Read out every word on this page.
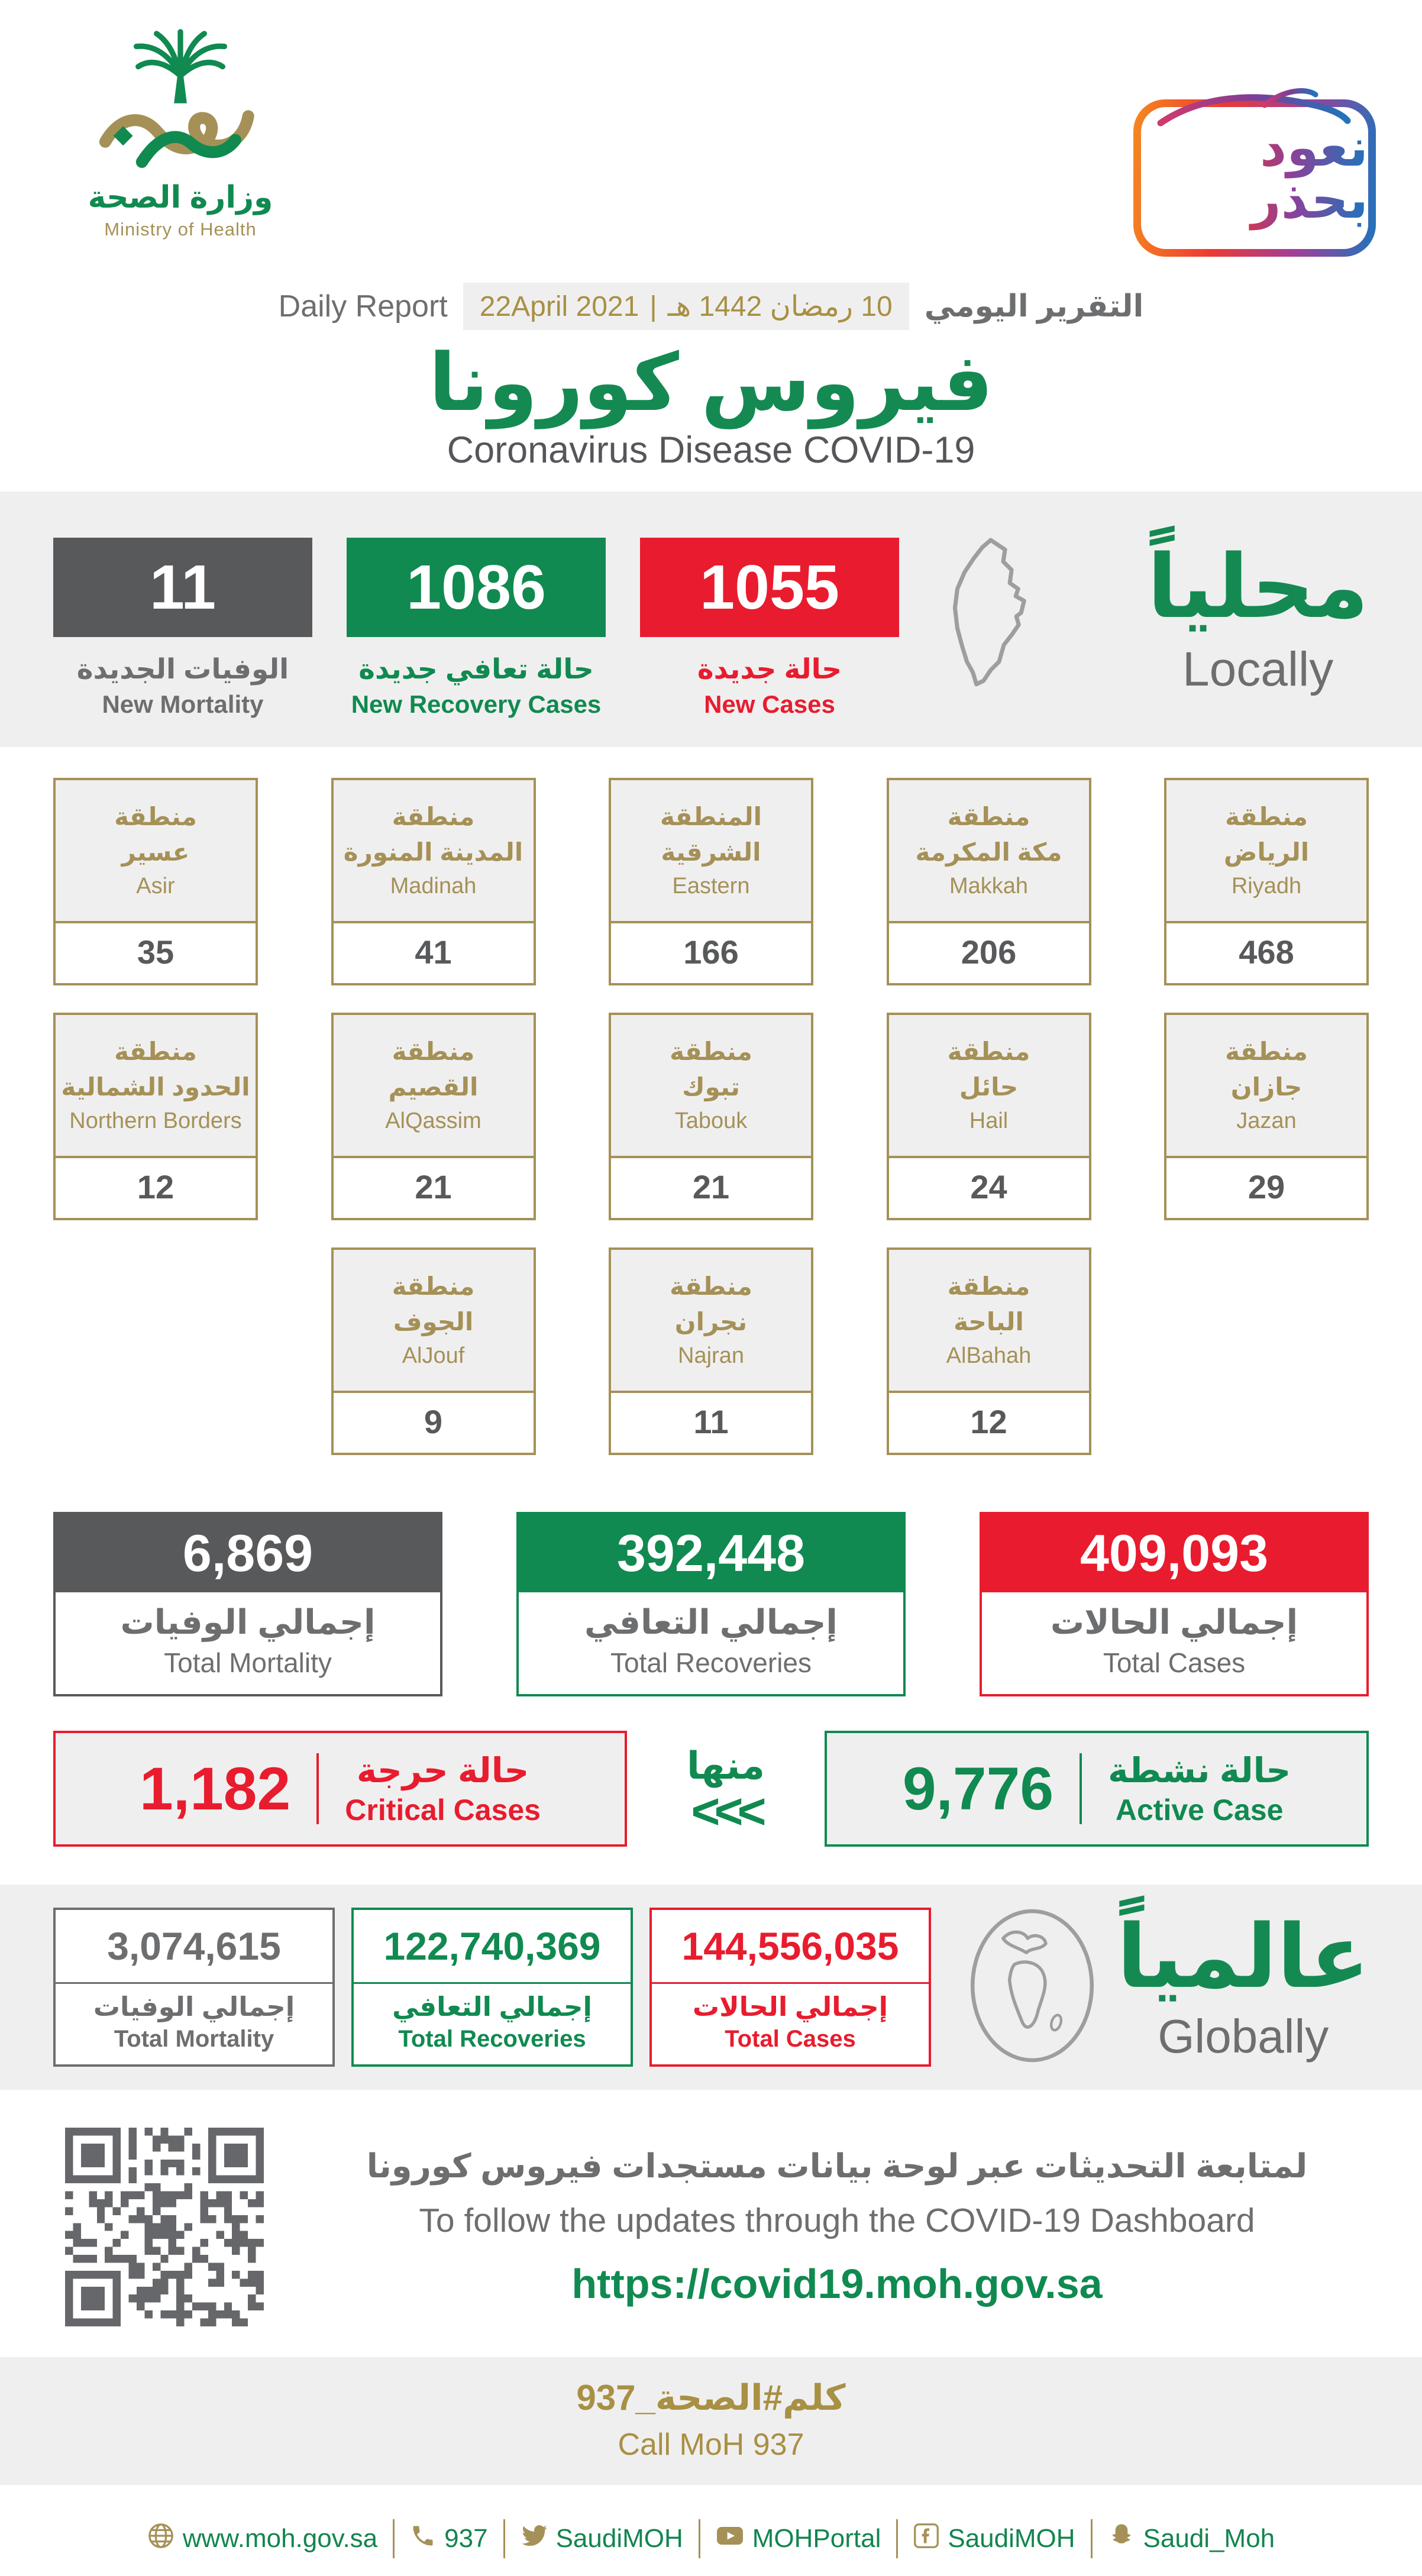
وزارة الصحة
Ministry of Health
نعود بحذر
Daily Report	10 رمضان 1442 هـ
|
22April 2021	التقرير اليومي
فيروس كورونا
Coronavirus Disease COVID-19
11
الوفيات الجديدة
New Mortality
1086
حالة تعافي جديدة
New Recovery Cases
1055
حالة جديدة
New Cases
محلياً
Locally
منطقة
عسير
Asir
35
منطقة
المدينة المنورة
Madinah
41
المنطقة
الشرقية
Eastern
166
منطقة
مكة المكرمة
Makkah
206
منطقة
الرياض
Riyadh
468
منطقة
الحدود الشمالية
Northern Borders
12
منطقة
القصيم
AlQassim
21
منطقة
تبوك
Tabouk
21
منطقة
حائل
Hail
24
منطقة
جازان
Jazan
29
منطقة
الجوف
AlJouf
9
منطقة
نجران
Najran
11
منطقة
الباحة
AlBahah
12
6,869
إجمالي الوفيات
Total Mortality
392,448
إجمالي التعافي
Total Recoveries
409,093
إجمالي الحالات
Total Cases
1,182	حالة حرجة
Critical Cases
منها
<<< 9,776 حالة نشطة
Active Case
3,074,615
إجمالي الوفيات
Total Mortality
122,740,369
إجمالي التعافي
Total Recoveries
144,556,035
إجمالي الحالات
Total Cases
عالمياً
Globally
لمتابعة التحديثات عبر لوحة بيانات مستجدات فيروس كورونا
To follow the updates through the COVID-19 Dashboard
https://covid19.moh.gov.sa
كلم#الصحة_937
Call MoH 937
www.moh.gov.sa	937	SaudiMOH	MOHPortal	SaudiMOH	Saudi_Moh
